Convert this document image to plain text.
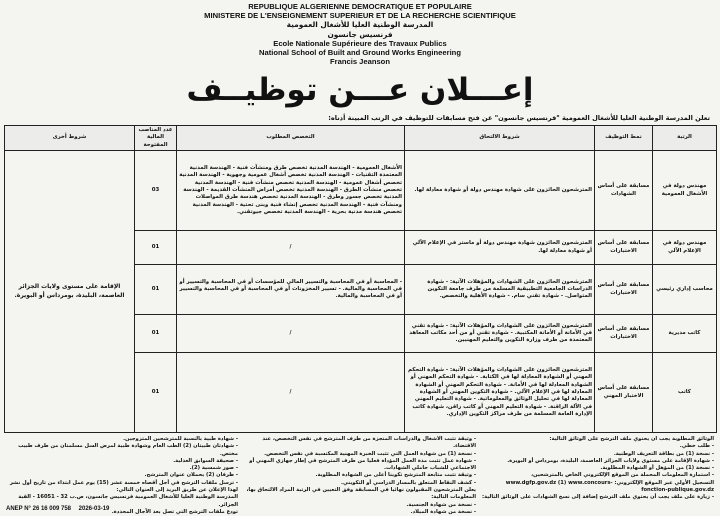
REPUBLIQUE ALGERIENNE DEMOCRATIQUE ET POPULAIRE
MINISTERE DE L'ENSEIGNEMENT SUPERIEUR ET DE LA RECHERCHE SCIENTIFIQUE
المدرسة الوطنية العليا للأشغال العمومية
فرنسيس جانسون
Ecole Nationale Supérieure des Travaux Publics
National School of Built and Ground Works Engineering
Francis Jeanson
إعـــلان عـــن توظيــف
تعلن المدرسة الوطنية العليا للأشغال العمومية "فرنسيس جانسون" عن فتح مسابقات للتوظيف في الرتب المبينة أدناه:
الرتبة	نمط التوظيف	شروط الالتحاق	التخصص المطلوب	عدد المناصب المالية المفتوحة	شروط أخرى
مهندس دولة في الأشغال العمومية	مسابقة على أساس الشهادات	المترشحون الحائزون على شهادة مهندس دولة أو شهادة معادلة لها.	الأشغال العمومية - الهندسة المدنية تخصص طرق ومنشآت فنية - الهندسة المدنية المعتمدة التقنيات - الهندسة المدنية تخصص أشغال عمومية وجهوية - الهندسة المدنية تخصص أشغال عمومية - الهندسة المدنية تخصص منشآت فنية - الهندسة المدنية تخصص منشآت الطرق - الهندسة المدنية تخصص أمراض المنشآت القديمة - الهندسة المدنية تخصص جسور وطرق - الهندسة المدنية تخصص هندسة طرق المواصلات ومنشآت فنية - الهندسة المدنية تخصص إنشاء فنية وبنى تحتية - الهندسة المدنية تخصص هندسة مدنية بحرية - الهندسة المدنية تخصص جيوتقني.	03	الإقامة على مستوى ولايات الجزائر العاصمة، البليدة، بومرداس أو البويرة.
مهندس دولة في الإعلام الآلي	مسابقة على أساس الاختبارات	المترشحون الحائزون شهادة مهندس دولة أو ماستر في الإعلام الآلي أو شهادة معادلة لها.	/	01	
محاسب إداري رئيسي	مسابقة على أساس الاختبارات	المترشحون الحائزون على الشهادات والمؤهلات الآتية: - شهادة الدراسات الجامعية التطبيقية المسلمة من طرف جامعة التكوين المتواصل. - شهادة تقني سام. - شهادة الأهلية والتخصص.	- المحاسبة أو في المحاسبة والتسيير المالي للمؤسسات أو في المحاسبة والتسيير أو في المحاسبة والمالية. - تسيير المخزونات أو في المحاسبة أو في المحاسبة والتسيير أو في المحاسبة والمالية.	01	
كاتب مديرية	مسابقة على أساس الاختبارات	المترشحون الحائزون على الشهادات والمؤهلات الآتية: - شهادة تقني في الأمانة أو الأمانة المكتبية. - شهادة تقني أو من أحد مكاتب المعاهد المعتمدة من طرف وزارة التكوين والتعليم المهنيين.	/	01	
كاتب	مسابقة على أساس الاختبار المهني	المترشحون الحائزون على الشهادات والمؤهلات الآتية: - شهادة التحكم المهني أو الشهادة المعادلة لها في الكتابة. - شهادة التحكم المهني أو الشهادة المعادلة لها في الأمانة. - شهادة التحكم المهني أو الشهادة المعادلة لها في الإعلام الآلي. - شهادة التكوين المهني أو الشهادة المعادلة لها في تحليل الوثائق والمعلوماتية. - شهادة التعليم المهني في الآلة الراقنة. - شهادة التعليم المهني أو كاتب راقن، شهادة كاتب الإدارة العامة المسلمة من طرف مراكز التكوين الإداري.	/	01	

الوثائق المطلوبة يجب أن يحتوي ملف الترشح على الوثائق التالية:

- طلب خطي.

- نسخة (1) من بطاقة التعريف الوطنية.

- شهادة الإقامة على مستوى ولايات الجزائر العاصمة، البليدة، بومرداس أو البويرة.

- نسخة (1) من المؤهل أو الشهادة المطلوبة.

- استمارة المعلومات المحملة من الموقع الإلكتروني الخاص بالمترشحين،

التسجيل الأولي عبر الموقع الإلكتروني: www.dgfp.gov.dz (1) www.concours-fonction-publique.gov.dz

- زيارة على ملف يجب أن يحتوي ملف الترشح إضافة إلى نسخ الشهادات على الوثائق التالية:

- وثيقة تثبت الأشغال والدراسات المنجزة من طرف المترشح في نفس التخصص، عند الاقتضاء.

- نسخة (1) من شهادة العمل التي تثبت الخبرة المهنية المكتسبة في نفس التخصص.

- شهادة عمل تثبت مدة العمل المؤداة فعليا من طرف المترشح في إطار جهازي المهني أو الاجتماعي للشباب حاملي الشهادات.

- وثيقة تثبت متابعة المترشح تكوينا أعلى من الشهادة المطلوبة.

- كشف النقاط المتعلق بالمسار الدراسي أو التكويني.

يعلن المترشحون المقبولون نهائيا في المسابقة وفق التعيين في الرتبة المراد الالتحاق بها، المعلومات التالية:

- نسخة من شهادة الجنسية.

- نسخة من شهادة الميلاد.

- شهادة طبية بالنسبة للمترشحين المتزوجين.

- شهادتان طبيتان (2) الطب العام وشهادة طبية لمرض السل مسلمتان من طرف طبيب مختص.

- صحيفة السوابق العدلية.

- صور شمسية (2).

- ظرفان (2) يحملان عنوان المترشح.

- ترسل ملفات الترشح في أجل أقصاه خمسة عشر (15) يوم عمل ابتداء من تاريخ أول نشر لهذا الإعلان عن طريق البريد إلى العنوان التالي:

المدرسة الوطنية العليا للأشغال العمومية فرنسيس جانسون، ص.ب 32 - 16051 - القبة الجزائر.

تودع ملفات الترشح التي تصل بعد الآجال المحددة.

ANEP N° 26 16 009 758 2026-03-19
